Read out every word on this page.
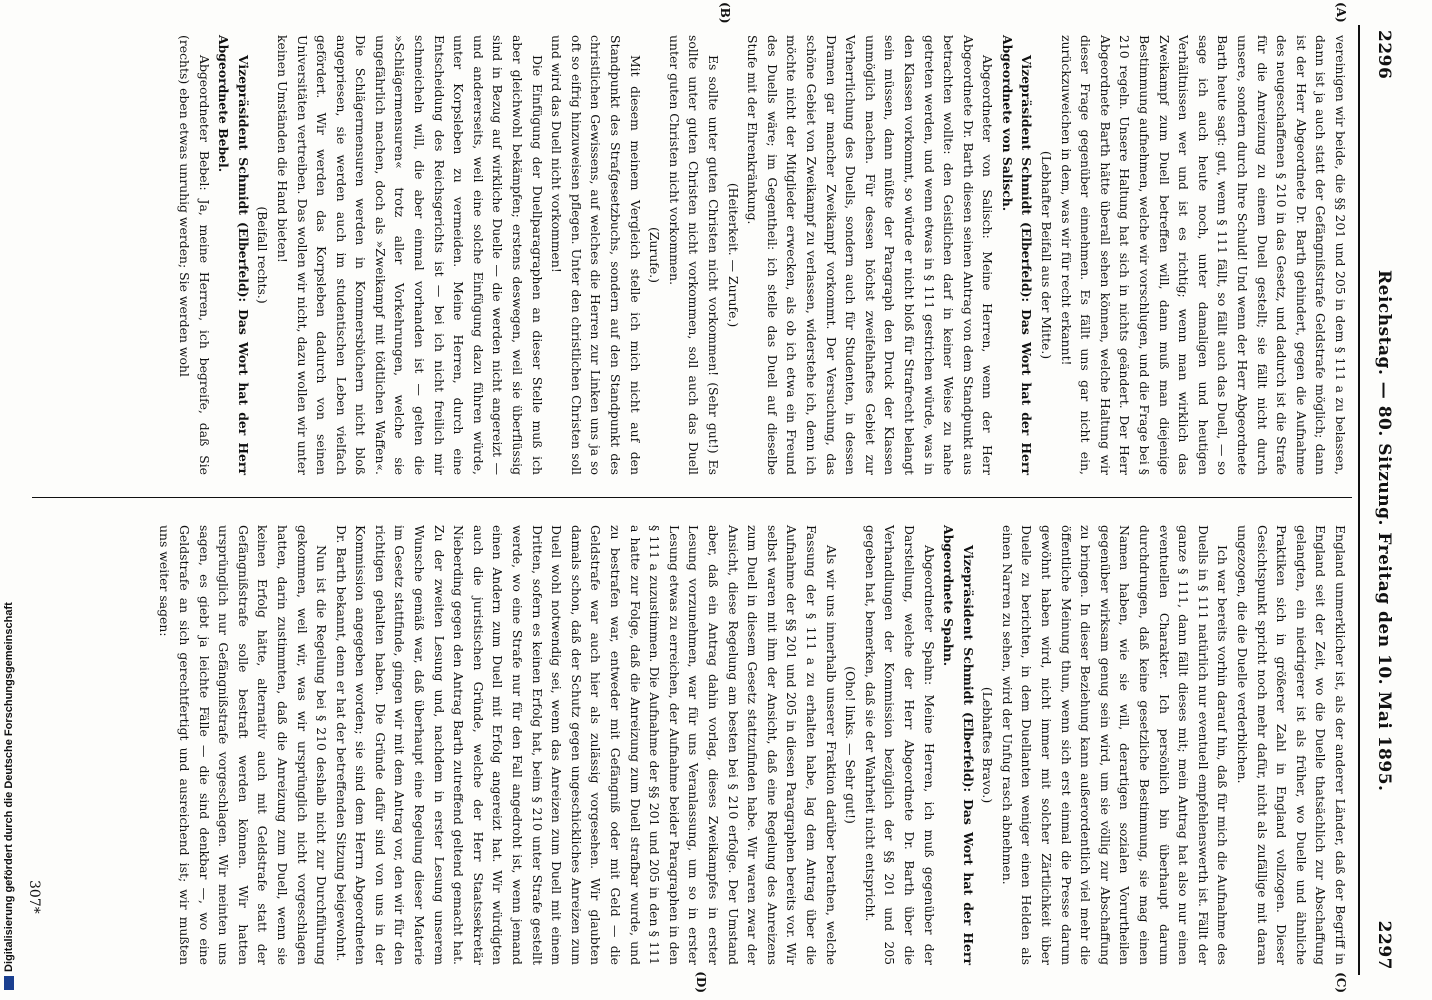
2296
Reichstag. — 80. Sitzung. Freitag den 10. Mai 1895.
2297

vereinigen wir beide, die §§ 201 und 205 in dem § 111 a zu belassen, dann ist ja auch statt der Gefängnißstrafe Geldstrafe möglich; dann ist der Herr Abgeordnete Dr. Barth gehindert, gegen die Aufnahme des neugeschaffenen § 210 in das Gesetz, und dadurch ist die Strafe für die Anreizung zu einem Duell gestellt; sie fällt nicht durch unsere, sondern durch Ihre Schuld! Und wenn der Herr Abgeordnete Barth heute sagt: gut, wenn § 111 fällt, so fällt auch das Duell, — so sage ich auch heute noch, unter damaligen und heutigen Verhältnissen wer und ist es richtig; wenn man wirklich das Zweikampf zum Duell betreffen will, dann muß man diejenige Bestimmung aufnehmen, welche wir vorschlugen, und die Frage bei § 210 regeln. Unsere Haltung hat sich in nichts geändert. Der Herr Abgeordnete Barth hätte überall sehen können, welche Haltung wir dieser Frage gegenüber einnehmen. Es fällt uns gar nicht ein, zurückzuweichen in dem, was wir für recht erkannt!

(Lebhafter Beifall aus der Mitte.)

Vizepräsident Schmidt (Elberfeld): Das Wort hat der Herr Abgeordnete von Salisch.

Abgeordneter von Salisch: Meine Herren, wenn der Herr Abgeordnete Dr. Barth diesen seinen Antrag von dem Standpunkt aus betrachten wollte: den Geistlichen darf in keiner Weise zu nahe getreten werden, und wenn etwas in § 111 gestrichen würde, was in den Klassen vorkommt, so würde er nicht bloß für Strafrecht belangt sein müssen, dann müßte der Paragraph den Druck der Klassen unmöglich machen. Für dessen höchst zweifelhaftes Gebiet zur Verherrlichung des Duells, sondern auch für Studenten, in dessen Dramen gar mancher Zweikampf vorkommt. Der Versuchung, das schöne Gebiet von Zweikampf zu verlassen, widerstehe ich, denn ich möchte nicht der Mitglieder erwecken, als ob ich etwa ein Freund des Duells wäre; im Gegentheil: ich stelle das Duell auf dieselbe Stufe mit der Ehrenkränkung.

(Heiterkeit. — Zurufe.)

Es sollte unter guten Christen nicht vorkommen! (Sehr gut!) Es sollte unter guten Christen nicht vorkommen, soll auch das Duell unter guten Christen nicht vorkommen.

(Zurufe.)

Mit diesem meinem Vergleich stelle ich mich nicht auf den Standpunkt des Strafgesetzbuchs, sondern auf den Standpunkt des christlichen Gewissens, auf welches die Herren zur Linken uns ja so oft so eifrig hinzuweisen pflegen. Unter den christlichen Christen soll und wird das Duell nicht vorkommen!

Die Einfügung der Duellparagraphen an dieser Stelle muß ich aber gleichwohl bekämpfen; erstens deswegen, weil sie überflüssig sind in Bezug auf wirkliche Duelle — die werden nicht angereizt — und andererseits, weil eine solche Einfügung dazu führen würde, unter Korpsleben zu vermeiden. Meine Herren, durch eine Entscheidung des Reichsgerichts ist — bei ich nicht freilich mir schmeicheln will, die aber einmal vorhanden ist — gelten die »Schlägermensuren« trotz aller Vorkehrungen, welche sie ungefährlich machen, doch als »Zweikampf mit tödtlichen Waffen«. Die Schlägermensuren werden in Kommersbüchern nicht bloß angepriesen, sie werden auch im studentischen Leben vielfach gefördert. Wir werden das Korpsleben dadurch von seinen Universitäten vertreiben. Das wollen wir nicht, dazu wollen wir unter keinen Umständen die Hand bieten!

(Beifall rechts.)

Vizepräsident Schmidt (Elberfeld): Das Wort hat der Herr Abgeordnete Bebel.

Abgeordneter Bebel: Ja, meine Herren, ich begreife, daß Sie (rechts) eben etwas unruhig werden; Sie werden wohl

(C)
(D)

England unmerklicher ist, als der anderer Länder, daß der Begriff in England seit der Zeit, wo die Duelle thatsächlich zur Abschaffung gelangten, ein niedrigerer ist als früher, wo Duelle und ähnliche Praktiken sich in größerer Zahl in England vollzogen. Dieser Gesichtspunkt spricht noch mehr dafür, nicht als zufällige mit daran ungezogen, die die Duelle verderblichen.

Ich war bereits vorhin darauf hin, daß für mich die Aufnahme des Duells in § 111 natürlich nur eventuell empfehlenswerth ist. Fällt der ganze § 111, dann fällt dieses mit; mein Antrag hat also nur einen eventuellen Charakter. Ich persönlich bin überhaupt darum durchdrungen, daß keine gesetzliche Bestimmung, sie mag einen Namen haben, wie sie will, derartigen sozialen Vorurtheilen gegenüber wirksam genug sein wird, um sie völlig zur Abschaffung zu bringen. In dieser Beziehung kann außerordentlich viel mehr die öffentliche Meinung thun, wenn sich erst einmal die Presse darum gewöhnt haben wird, nicht immer mit solcher Zärtlichkeit über Duelle zu berichten, in dem Duellanten weniger einen Helden als einen Narren zu sehen, wird der Unfug rasch abnehmen.

(Lebhaftes Bravo.)

Vizepräsident Schmidt (Elberfeld): Das Wort hat der Herr Abgeordnete Spahn.

Abgeordneter Spahn: Meine Herren, ich muß gegenüber der Darstellung, welche der Herr Abgeordnete Dr. Barth über die Verhandlungen der Kommission bezüglich der §§ 201 und 205 gegeben hat, bemerken, daß sie der Wahrheit nicht entspricht.

(Oho! links. — Sehr gut!)

Als wir uns innerhalb unserer Fraktion darüber berathen, welche Fassung der § 111 a zu erhalten habe, lag dem Antrag über die Aufnahme der §§ 201 und 205 in diesen Paragraphen bereits vor. Wir selbst waren mit ihm der Ansicht, daß eine Regelung des Anreizens zum Duell in diesem Gesetz stattzufinden habe. Wir waren zwar der Ansicht, diese Regelung am besten bei § 210 erfolge. Der Umstand aber, daß ein Antrag dahin vorlag, dieses Zweikampfes in erster Lesung vorzunehmen, war für uns Veranlassung, um so in erster Lesung etwas zu erreichen, der Aufnahme beider Paragraphen in den § 111 a zuzustimmen. Die Aufnahme der §§ 201 und 205 in den § 111 a hatte zur Folge, daß die Anreizung zum Duell strafbar wurde, und zu bestrafen war, entweder mit Gefängniß oder mit Geld — die Geldstrafe war auch hier als zulässig vorgesehen. Wir glaubten damals schon, daß der Schutz gegen ungeschickliches Anreizen zum Duell wohl notwendig sei, wenn das Anreizen zum Duell mit einem Dritten, sofern es keinen Erfolg hat, beim § 210 unter Strafe gestellt werde, wo eine Strafe nur für den Fall angedroht ist, wenn jemand einen Andern zum Duell mit Erfolg angereizt hat. Wir würdigten auch die juristischen Gründe, welche der Herr Staatssekretär Nieberding gegen den Antrag Barth zutreffend geltend gemacht hat. Zu der zweiten Lesung und, nachdem in erster Lesung unserem Wunsche gemäß war, daß überhaupt eine Regelung dieser Materie im Gesetz stattfinde, gingen wir mit dem Antrag vor, den wir für den richtigen gehalten haben. Die Gründe dafür sind von uns in der Kommission angegeben worden; sie sind dem Herrn Abgeordneten Dr. Barth bekannt, denn er hat der betreffenden Sitzung beigewohnt.

Nun ist die Regelung bei § 210 deshalb nicht zur Durchführung gekommen, weil wir, was wir ursprünglich nicht vorgeschlagen hatten, darin zustimmten, daß die Anreizung zum Duell, wenn sie keinen Erfolg hätte, alternativ auch mit Geldstrafe statt der Gefängnißstrafe solle bestraft werden können. Wir hatten ursprünglich nur Gefängnißstrafe vorgeschlagen. Wir meinten uns sagen, es giebt ja leichte Fälle — die sind denkbar —, wo eine Geldstrafe an sich gerechtfertigt und ausreichend ist; wir mußten uns weiter sagen:

(A)
(B)
307*
Digitalisierung gefördert durch die Deutsche Forschungsgemeinschaft
